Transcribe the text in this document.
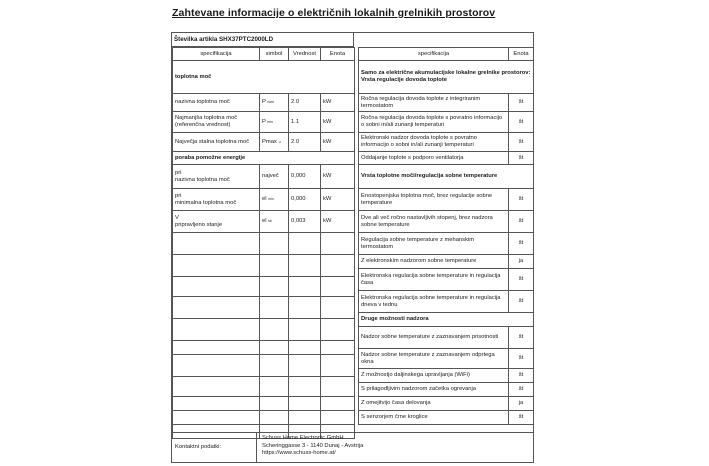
Zahtevane informacije o električnih lokalnih grelnikih prostorov
Številka artikla SHX37PTC2000LD
specifikacija	simbol	Vrednost	Enota
toplotna moč			
nazivna toplotna moč	P nom	2.0	kW
Najmanjša toplotna moč (referenčna vrednost)	P min	1.1	kW
Največja stalna toplotna moč	Pmax ,c	2.0	kW
poraba pomožne energije			
pri
nazivna toplotna moč	največ	0,000	kW
pri
minimalna toplotna moč	el min	0,000	kW
V
pripravljeno stanje	el sb	0,003	kW

specifikacija	Enota
Samo za električne akumulacijske lokalne grelnike prostorov:
Vrsta regulacije dovoda toplote	
Ročna regulacija dovoda toplote z integriranim termostatom	št
Ročna regulacija dovoda toplote s povratno informacijo o sobni in/ali zunanji temperaturi	št
Elektronski nadzor dovoda toplote s povratno informacijo o sobni in/ali zunanji temperaturi	št
Oddajanje toplote s podporo ventilatorja	št
Vrsta toplotne moči/regulacija sobne temperature	
Enostopenjska toplotna moč, brez regulacije sobne temperature	št
Dve ali več ročno nastavljivih stopenj, brez nadzora sobne temperature	št
Regulacija sobne temperature z mehanskim termostatom	št
Z elektronskim nadzorom sobne temperature	ja
Elektronska regulacija sobne temperature in regulacija časa	št
Elektronska regulacija sobne temperature in regulacija dneva v tednu	št
Druge možnosti nadzora	
Nadzor sobne temperature z zaznavanjem prisotnosti	št
Nadzor sobne temperature z zaznavanjem odprtega okna	št
Z možnostjo daljinskega upravljanja (WiFi)	št
S prilagodljivim nadzorom začetka ogrevanja	št
Z omejitvijo časa delovanja	ja
S senzorjem črne kroglice	št
Kontaktni podatki:
Schuss Home Electronic GmbH
Scheringgasse 3 - 1140 Dunaj - Avstrija
https://www.schuss-home.at/
